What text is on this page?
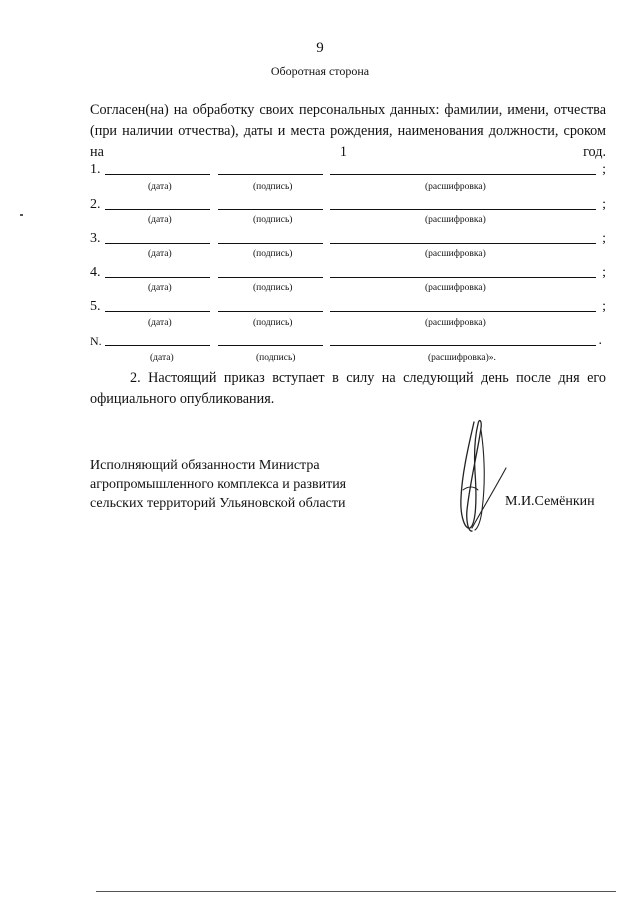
9
Оборотная сторона
Согласен(на) на обработку своих персональных данных: фамилии, имени, отчества (при наличии отчества), даты и места рождения, наименования должности, сроком на 1 год.
1.	;
(дата)	(подпись)	(расшифровка)
2.	;
(дата)	(подпись)	(расшифровка)
3.	;
(дата)	(подпись)	(расшифровка)
4.	;
(дата)	(подпись)	(расшифровка)
5.	;
(дата)	(подпись)	(расшифровка)
N.	.
(дата)	(подпись)	(расшифровка)».
2. Настоящий приказ вступает в силу на следующий день после дня его официального опубликования.
Исполняющий обязанности Министра
агропромышленного комплекса и развития
сельских территорий Ульяновской области	М.И.Семёнкин
